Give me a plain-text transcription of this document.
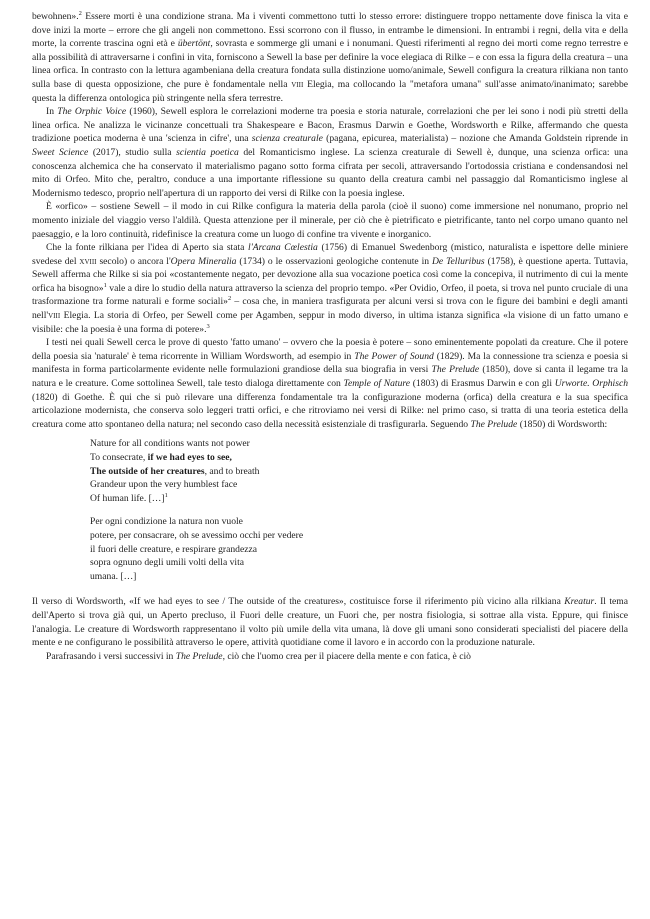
bewohnen».$^2$ Essere morti è una condizione strana. Ma i viventi commettono tutti lo stesso errore: distinguere troppo nettamente dove finisca la vita e dove inizi la morte – errore che gli angeli non commettono. Essi scorrono con il flusso, in entrambe le dimensioni. In entrambi i regni, della vita e della morte, la corrente trascina ogni età e übertönt, sovrasta e sommerge gli umani e i nonumani. Questi riferimenti al regno dei morti come regno terrestre e alla possibilità di attraversarne i confini in vita, forniscono a Sewell la base per definire la voce elegiaca di Rilke – e con essa la figura della creatura – una linea orfica. In contrasto con la lettura agambeniana della creatura fondata sulla distinzione uomo/animale, Sewell configura la creatura rilkiana non tanto sulla base di questa opposizione, che pure è fondamentale nella viii Elegia, ma collocando la "metafora umana" sull'asse animato/inanimato; sarebbe questa la differenza ontologica più stringente nella sfera terrestre.

In The Orphic Voice (1960), Sewell esplora le correlazioni moderne tra poesia e storia naturale, correlazioni che per lei sono i nodi più stretti della linea orfica. Ne analizza le vicinanze concettuali tra Shakespeare e Bacon, Erasmus Darwin e Goethe, Wordsworth e Rilke, affermando che questa tradizione poetica moderna è una 'scienza in cifre', una scienza creaturale (pagana, epicurea, materialista) – nozione che Amanda Goldstein riprende in Sweet Science (2017), studio sulla scientia poetica del Romanticismo inglese. La scienza creaturale di Sewell è, dunque, una scienza orfica: una conoscenza alchemica che ha conservato il materialismo pagano sotto forma cifrata per secoli, attraversando l'ortodossia cristiana e condensandosi nel mito di Orfeo. Mito che, peraltro, conduce a una importante riflessione su quanto della creatura cambi nel passaggio dal Romanticismo inglese al Modernismo tedesco, proprio nell'apertura di un rapporto dei versi di Rilke con la poesia inglese.

È «orfico» – sostiene Sewell – il modo in cui Rilke configura la materia della parola (cioè il suono) come immersione nel nonumano, proprio nel momento iniziale del viaggio verso l'aldilà. Questa attenzione per il minerale, per ciò che è pietrificato e pietrificante, tanto nel corpo umano quanto nel paesaggio, e la loro continuità, ridefinisce la creatura come un luogo di confine tra vivente e inorganico.

Che la fonte rilkiana per l'idea di Aperto sia stata l'Arcana Cœlestia (1756) di Emanuel Swedenborg (mistico, naturalista e ispettore delle miniere svedese del xviii secolo) o ancora l'Opera Mineralia (1734) o le osservazioni geologiche contenute in De Telluribus (1758), è questione aperta. Tuttavia, Sewell afferma che Rilke si sia poi «costantemente negato, per devozione alla sua vocazione poetica così come la concepiva, il nutrimento di cui la mente orfica ha bisogno»$^1$ vale a dire lo studio della natura attraverso la scienza del proprio tempo. «Per Ovidio, Orfeo, il poeta, si trova nel punto cruciale di una trasformazione tra forme naturali e forme sociali»$^2$ – cosa che, in maniera trasfigurata per alcuni versi si trova con le figure dei bambini e degli amanti nell'viii Elegia. La storia di Orfeo, per Sewell come per Agamben, seppur in modo diverso, in ultima istanza significa «la visione di un fatto umano e visibile: che la poesia è una forma di potere».$^3$

I testi nei quali Sewell cerca le prove di questo 'fatto umano' – ovvero che la poesia è potere – sono eminentemente popolati da creature. Che il potere della poesia sia 'naturale' è tema ricorrente in William Wordsworth, ad esempio in The Power of Sound (1829). Ma la connessione tra scienza e poesia si manifesta in forma particolarmente evidente nelle formulazioni grandiose della sua biografia in versi The Prelude (1850), dove si canta il legame tra la natura e le creature. Come sottolinea Sewell, tale testo dialoga direttamente con Temple of Nature (1803) di Erasmus Darwin e con gli Urworte. Orphisch (1820) di Goethe. È qui che si può rilevare una differenza fondamentale tra la configurazione moderna (orfica) della creatura e la sua specifica articolazione modernista, che conserva solo leggeri tratti orfici, e che ritroviamo nei versi di Rilke: nel primo caso, si tratta di una teoria estetica della creatura come atto spontaneo della natura; nel secondo caso della necessità esistenziale di trasfigurarla. Seguendo The Prelude (1850) di Wordsworth:

Nature for all conditions wants not power
To consecrate, if we had eyes to see,
The outside of her creatures, and to breath
Grandeur upon the very humblest face
Of human life. […]$^1$
Per ogni condizione la natura non vuole
potere, per consacrare, oh se avessimo occhi per vedere
il fuori delle creature, e respirare grandezza
sopra ognuno degli umili volti della vita
umana. […]

Il verso di Wordsworth, «If we had eyes to see / The outside of the creatures», costituisce forse il riferimento più vicino alla rilkiana Kreatur. Il tema dell'Aperto si trova già qui, un Aperto precluso, il Fuori delle creature, un Fuori che, per nostra fisiologia, si sottrae alla vista. Eppure, qui finisce l'analogia. Le creature di Wordsworth rappresentano il volto più umile della vita umana, là dove gli umani sono considerati specialisti del piacere della mente e ne configurano le possibilità attraverso le opere, attività quotidiane come il lavoro e in accordo con la produzione naturale.

Parafrasando i versi successivi in The Prelude, ciò che l'uomo crea per il piacere della mente e con fatica, è ciò
